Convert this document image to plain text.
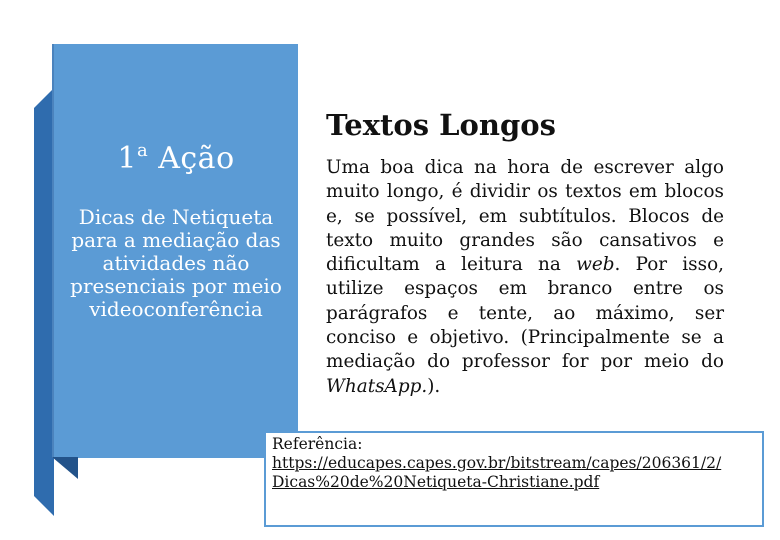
1$^a$ Ação
Dicas de Netiqueta para a mediação das atividades não presenciais por meio videoconferência
Textos Longos
Uma boa dica na hora de escrever algo muito longo, é dividir os textos em blocos e, se possível, em subtítulos. Blocos de texto muito grandes são cansativos e dificultam a leitura na web. Por isso, utilize espaços em branco entre os parágrafos e tente, ao máximo, ser conciso e objetivo. (Principalmente se a mediação do professor for por meio do WhatsApp.).
Referência:
https://educapes.capes.gov.br/bitstream/capes/206361/2/
Dicas%20de%20Netiqueta-Christiane.pdf
